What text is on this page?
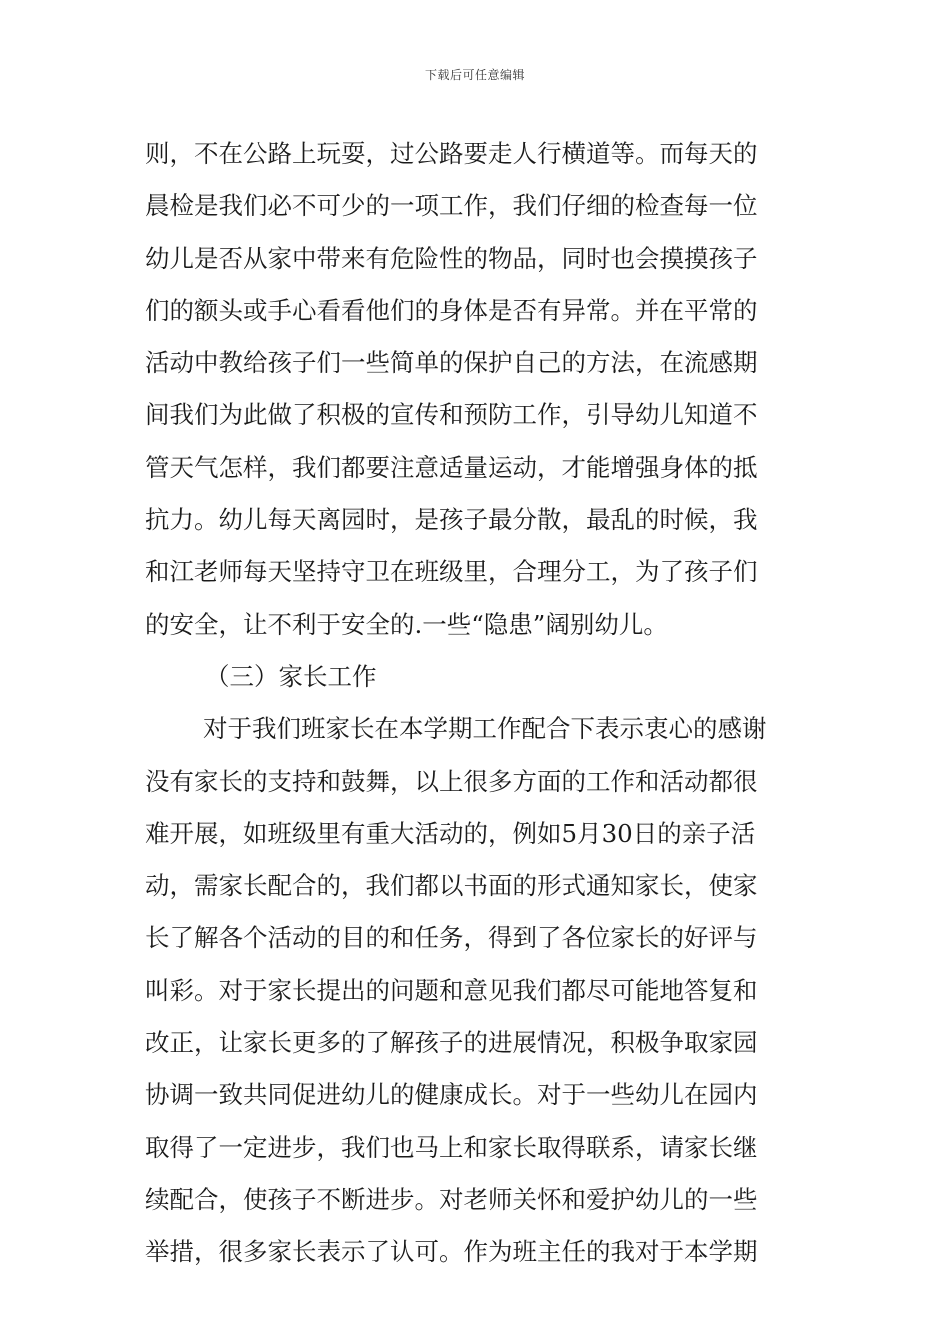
下载后可任意编辑
则，不在公路上玩耍，过公路要走人行横道等。而每天的
晨检是我们必不可少的一项工作，我们仔细的检查每一位
幼儿是否从家中带来有危险性的物品，同时也会摸摸孩子
们的额头或手心看看他们的身体是否有异常。并在平常的
活动中教给孩子们一些简单的保护自己的方法，在流感期
间我们为此做了积极的宣传和预防工作，引导幼儿知道不
管天气怎样，我们都要注意适量运动，才能增强身体的抵
抗力。幼儿每天离园时，是孩子最分散，最乱的时候，我
和江老师每天坚持守卫在班级里，合理分工，为了孩子们
的安全，让不利于安全的.一些“隐患”阔别幼儿。
（三）家长工作
对于我们班家长在本学期工作配合下表示衷心的感谢
没有家长的支持和鼓舞，以上很多方面的工作和活动都很
难开展，如班级里有重大活动的，例如5月30日的亲子活
动，需家长配合的，我们都以书面的形式通知家长，使家
长了解各个活动的目的和任务，得到了各位家长的好评与
叫彩。对于家长提出的问题和意见我们都尽可能地答复和
改正，让家长更多的了解孩子的进展情况，积极争取家园
协调一致共同促进幼儿的健康成长。对于一些幼儿在园内
取得了一定进步，我们也马上和家长取得联系，请家长继
续配合，使孩子不断进步。对老师关怀和爱护幼儿的一些
举措，很多家长表示了认可。作为班主任的我对于本学期
